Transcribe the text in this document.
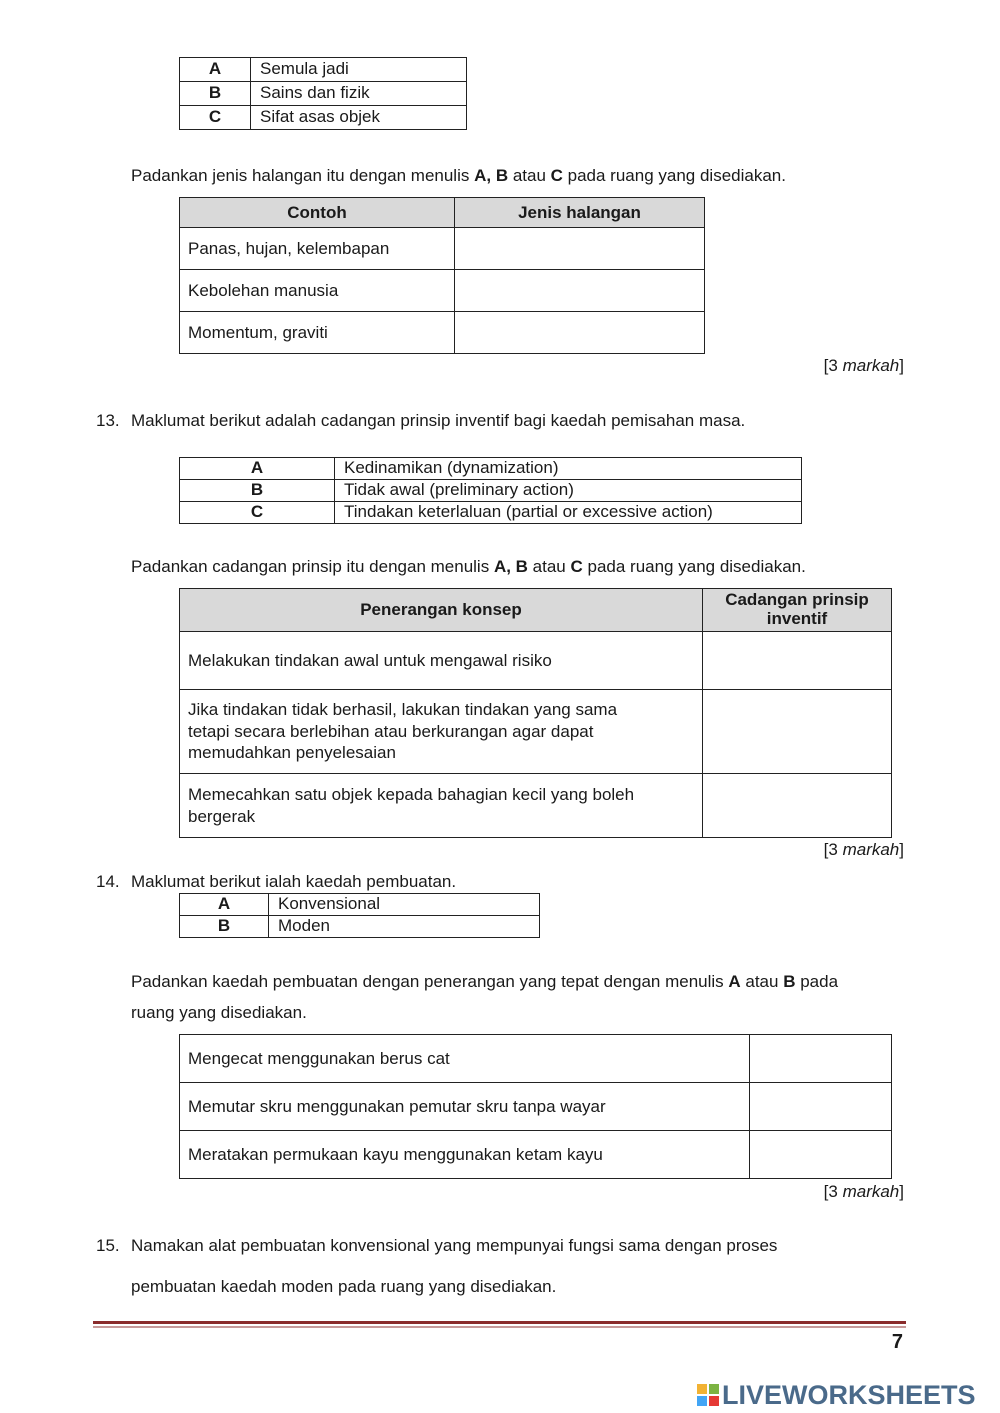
A	Semula jadi
B	Sains dan fizik
C	Sifat asas objek
Padankan jenis halangan itu dengan menulis A, B atau C pada ruang yang disediakan.
Contoh	Jenis halangan
Panas, hujan, kelembapan	
Kebolehan manusia	
Momentum, graviti	
[3 markah]
13. Maklumat berikut adalah cadangan prinsip inventif bagi kaedah pemisahan masa.
A	Kedinamikan (dynamization)
B	Tidak awal (preliminary action)
C	Tindakan keterlaluan (partial or excessive action)
Padankan cadangan prinsip itu dengan menulis A, B atau C pada ruang yang disediakan.
Penerangan konsep	Cadangan prinsip inventif
Melakukan tindakan awal untuk mengawal risiko	
Jika tindakan tidak berhasil, lakukan tindakan yang sama tetapi secara berlebihan atau berkurangan agar dapat memudahkan penyelesaian	
Memecahkan satu objek kepada bahagian kecil yang boleh bergerak	
[3 markah]
14. Maklumat berikut ialah kaedah pembuatan.
A	Konvensional
B	Moden
Padankan kaedah pembuatan dengan penerangan yang tepat dengan menulis A atau B pada
ruang yang disediakan.
Mengecat menggunakan berus cat	
Memutar skru menggunakan pemutar skru tanpa wayar	
Meratakan permukaan kayu menggunakan ketam kayu	
[3 markah]
15. Namakan alat pembuatan konvensional yang mempunyai fungsi sama dengan proses
pembuatan kaedah moden pada ruang yang disediakan.
7
LIVEWORKSHEETS
